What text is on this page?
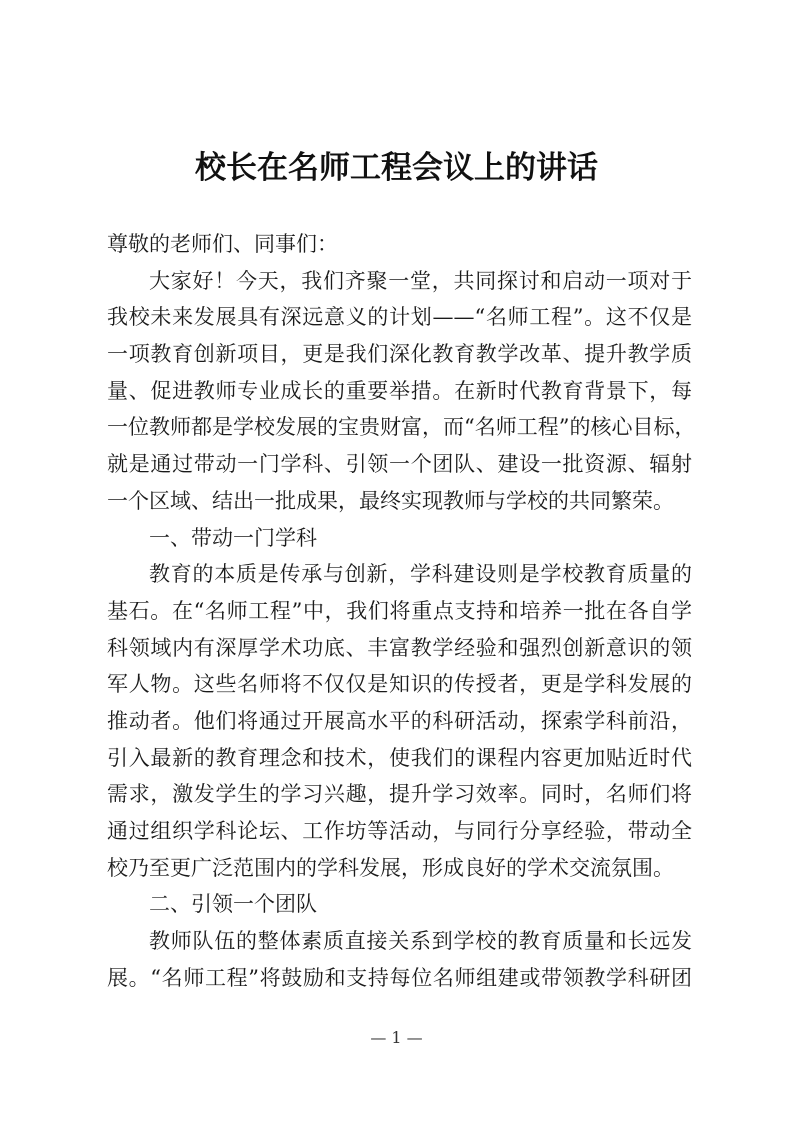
校长在名师工程会议上的讲话
尊敬的老师们、同事们：
大家好！今天，我们齐聚一堂，共同探讨和启动一项对于
我校未来发展具有深远意义的计划——“名师工程”。这不仅是
一项教育创新项目，更是我们深化教育教学改革、提升教学质
量、促进教师专业成长的重要举措。在新时代教育背景下，每
一位教师都是学校发展的宝贵财富，而“名师工程”的核心目标，
就是通过带动一门学科、引领一个团队、建设一批资源、辐射
一个区域、结出一批成果，最终实现教师与学校的共同繁荣。
一、带动一门学科
教育的本质是传承与创新，学科建设则是学校教育质量的
基石。在“名师工程”中，我们将重点支持和培养一批在各自学
科领域内有深厚学术功底、丰富教学经验和强烈创新意识的领
军人物。这些名师将不仅仅是知识的传授者，更是学科发展的
推动者。他们将通过开展高水平的科研活动，探索学科前沿，
引入最新的教育理念和技术，使我们的课程内容更加贴近时代
需求，激发学生的学习兴趣，提升学习效率。同时，名师们将
通过组织学科论坛、工作坊等活动，与同行分享经验，带动全
校乃至更广泛范围内的学科发展，形成良好的学术交流氛围。
二、引领一个团队
教师队伍的整体素质直接关系到学校的教育质量和长远发
展。“名师工程”将鼓励和支持每位名师组建或带领教学科研团
— 1 —
